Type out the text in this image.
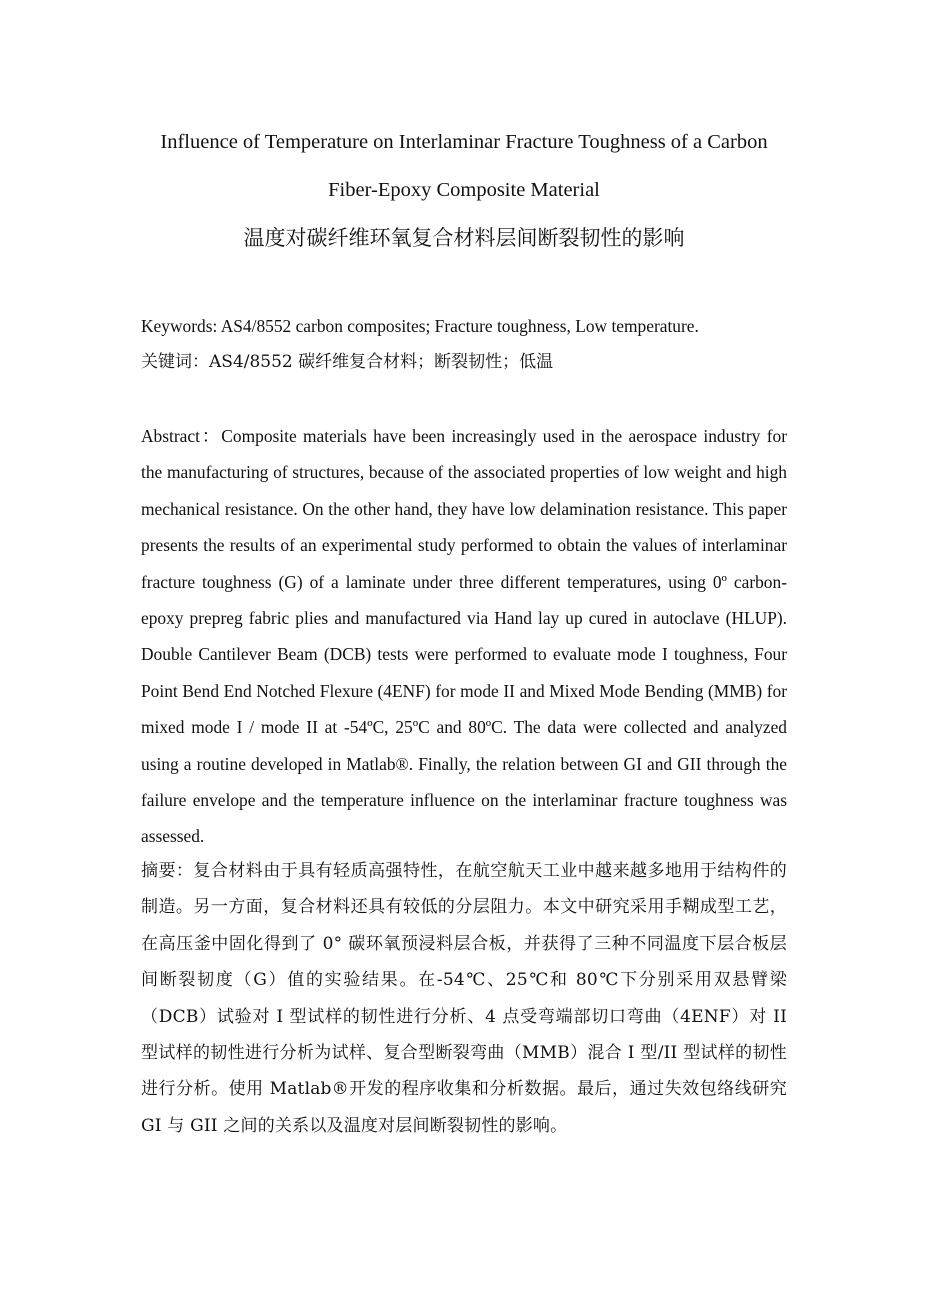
Influence of Temperature on Interlaminar Fracture Toughness of a Carbon Fiber-Epoxy Composite Material
温度对碳纤维环氧复合材料层间断裂韧性的影响

Keywords: AS4/8552 carbon composites; Fracture toughness, Low temperature.

关键词：AS4/8552 碳纤维复合材料；断裂韧性；低温

Abstract：Composite materials have been increasingly used in the aerospace industry for the manufacturing of structures, because of the associated properties of low weight and high mechanical resistance. On the other hand, they have low delamination resistance. This paper presents the results of an experimental study performed to obtain the values of interlaminar fracture toughness (G) of a laminate under three different temperatures, using 0º carbon-epoxy prepreg fabric plies and manufactured via Hand lay up cured in autoclave (HLUP). Double Cantilever Beam (DCB) tests were performed to evaluate mode I toughness, Four Point Bend End Notched Flexure (4ENF) for mode II and Mixed Mode Bending (MMB) for mixed mode I / mode II at -54ºC, 25ºC and 80ºC. The data were collected and analyzed using a routine developed in Matlab®. Finally, the relation between GI and GII through the failure envelope and the temperature influence on the interlaminar fracture toughness was assessed.

摘要：复合材料由于具有轻质高强特性，在航空航天工业中越来越多地用于结构件的制造。另一方面，复合材料还具有较低的分层阻力。本文中研究采用手糊成型工艺，在高压釜中固化得到了 0° 碳环氧预浸料层合板，并获得了三种不同温度下层合板层间断裂韧度（G）值的实验结果。在-54℃、25℃和 80℃下分别采用双悬臂梁（DCB）试验对 I 型试样的韧性进行分析、4 点受弯端部切口弯曲（4ENF）对 II 型试样的韧性进行分析为试样、复合型断裂弯曲（MMB）混合 I 型/II 型试样的韧性进行分析。使用 Matlab®开发的程序收集和分析数据。最后，通过失效包络线研究 GI 与 GII 之间的关系以及温度对层间断裂韧性的影响。
